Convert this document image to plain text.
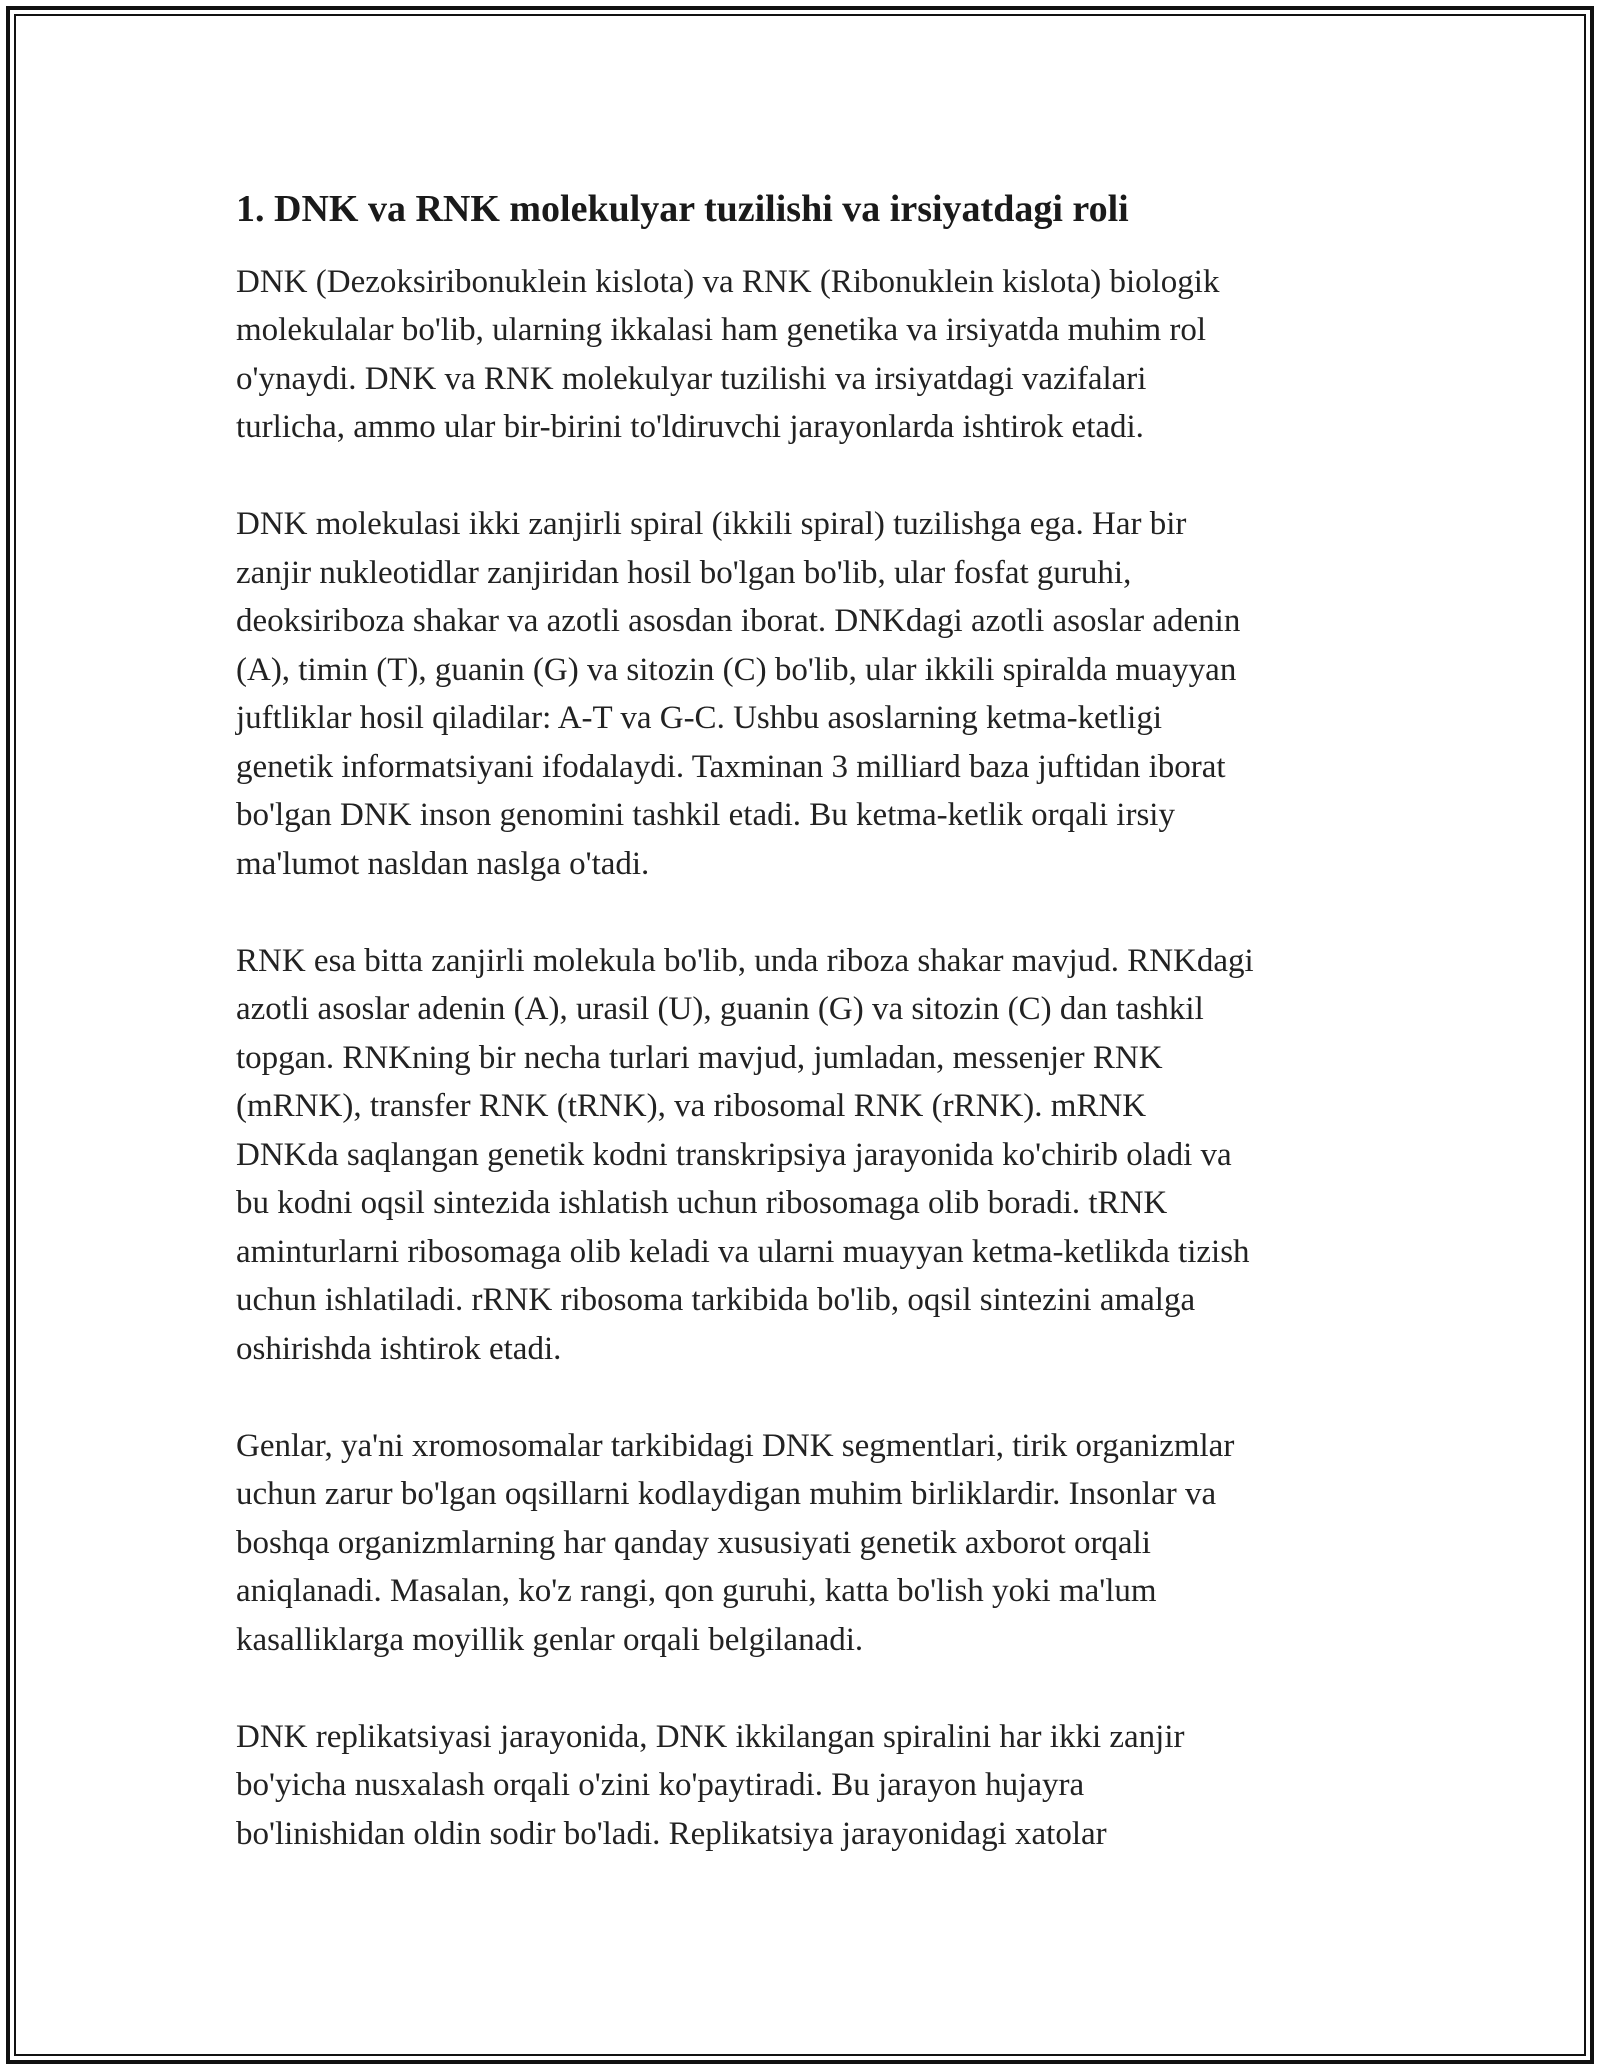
1. DNK va RNK molekulyar tuzilishi va irsiyatdagi roli
DNK (Dezoksiribonuklein kislota) va RNK (Ribonuklein kislota) biologik
molekulalar bo'lib, ularning ikkalasi ham genetika va irsiyatda muhim rol
o'ynaydi. DNK va RNK molekulyar tuzilishi va irsiyatdagi vazifalari
turlicha, ammo ular bir-birini to'ldiruvchi jarayonlarda ishtirok etadi.
DNK molekulasi ikki zanjirli spiral (ikkili spiral) tuzilishga ega. Har bir
zanjir nukleotidlar zanjiridan hosil bo'lgan bo'lib, ular fosfat guruhi,
deoksiriboza shakar va azotli asosdan iborat. DNKdagi azotli asoslar adenin
(A), timin (T), guanin (G) va sitozin (C) bo'lib, ular ikkili spiralda muayyan
juftliklar hosil qiladilar: A-T va G-C. Ushbu asoslarning ketma-ketligi
genetik informatsiyani ifodalaydi. Taxminan 3 milliard baza juftidan iborat
bo'lgan DNK inson genomini tashkil etadi. Bu ketma-ketlik orqali irsiy
ma'lumot nasldan naslga o'tadi.
RNK esa bitta zanjirli molekula bo'lib, unda riboza shakar mavjud. RNKdagi
azotli asoslar adenin (A), urasil (U), guanin (G) va sitozin (C) dan tashkil
topgan. RNKning bir necha turlari mavjud, jumladan, messenjer RNK
(mRNK), transfer RNK (tRNK), va ribosomal RNK (rRNK). mRNK
DNKda saqlangan genetik kodni transkripsiya jarayonida ko'chirib oladi va
bu kodni oqsil sintezida ishlatish uchun ribosomaga olib boradi. tRNK
aminturlarni ribosomaga olib keladi va ularni muayyan ketma-ketlikda tizish
uchun ishlatiladi. rRNK ribosoma tarkibida bo'lib, oqsil sintezini amalga
oshirishda ishtirok etadi.
Genlar, ya'ni xromosomalar tarkibidagi DNK segmentlari, tirik organizmlar
uchun zarur bo'lgan oqsillarni kodlaydigan muhim birliklardir. Insonlar va
boshqa organizmlarning har qanday xususiyati genetik axborot orqali
aniqlanadi. Masalan, ko'z rangi, qon guruhi, katta bo'lish yoki ma'lum
kasalliklarga moyillik genlar orqali belgilanadi.
DNK replikatsiyasi jarayonida, DNK ikkilangan spiralini har ikki zanjir
bo'yicha nusxalash orqali o'zini ko'paytiradi. Bu jarayon hujayra
bo'linishidan oldin sodir bo'ladi. Replikatsiya jarayonidagi xatolar
